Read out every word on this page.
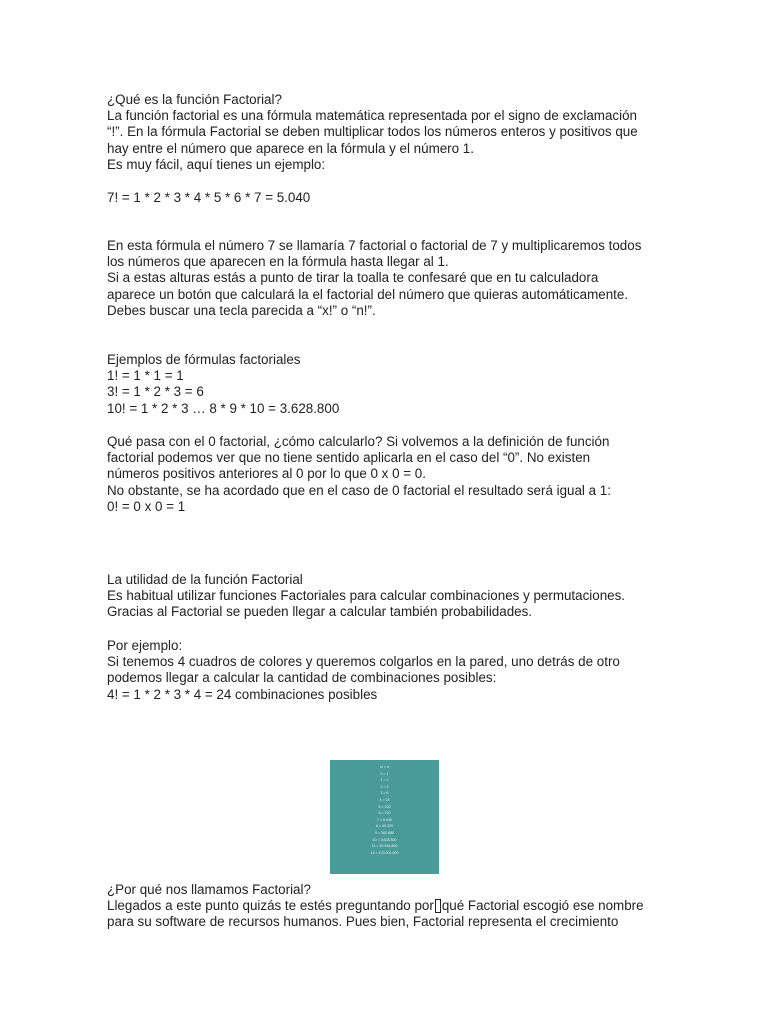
¿Qué es la función Factorial?
La función factorial es una fórmula matemática representada por el signo de exclamación
“!”. En la fórmula Factorial se deben multiplicar todos los números enteros y positivos que
hay entre el número que aparece en la fórmula y el número 1.
Es muy fácil, aquí tienes un ejemplo:
7! = 1 * 2 * 3 * 4 * 5 * 6 * 7 = 5.040
En esta fórmula el número 7 se llamaría 7 factorial o factorial de 7 y multiplicaremos todos
los números que aparecen en la fórmula hasta llegar al 1.
Si a estas alturas estás a punto de tirar la toalla te confesaré que en tu calculadora
aparece un botón que calculará la el factorial del número que quieras automáticamente.
Debes buscar una tecla parecida a “x!” o “n!”.
Ejemplos de fórmulas factoriales
1! = 1 * 1 = 1
3! = 1 * 2 * 3 = 6
10! = 1 * 2 * 3 … 8 * 9 * 10 = 3.628.800
Qué pasa con el 0 factorial, ¿cómo calcularlo? Si volvemos a la definición de función
factorial podemos ver que no tiene sentido aplicarla en el caso del “0”. No existen
números positivos anteriores al 0 por lo que 0 x 0 = 0.
No obstante, se ha acordado que en el caso de 0 factorial el resultado será igual a 1:
0! = 0 x 0 = 1
La utilidad de la función Factorial
Es habitual utilizar funciones Factoriales para calcular combinaciones y permutaciones.
Gracias al Factorial se pueden llegar a calcular también probabilidades.
Por ejemplo:
Si tenemos 4 cuadros de colores y queremos colgarlos en la pared, uno detrás de otro
podemos llegar a calcular la cantidad de combinaciones posibles:
4! = 1 * 2 * 3 * 4 = 24 combinaciones posibles
n! = n
0 = 1
1 = 1
2 = 2
3 = 6
4 = 24
5 = 120
6 = 720
7 = 5.040
8 = 40.320
9 = 362.880
10 = 3.628.800
11 = 39.916.800
12 = 479.001.600
¿Por qué nos llamamos Factorial?
Llegados a este punto quizás te estés preguntando por qué Factorial escogió ese nombre
para su software de recursos humanos. Pues bien, Factorial representa el crecimiento
